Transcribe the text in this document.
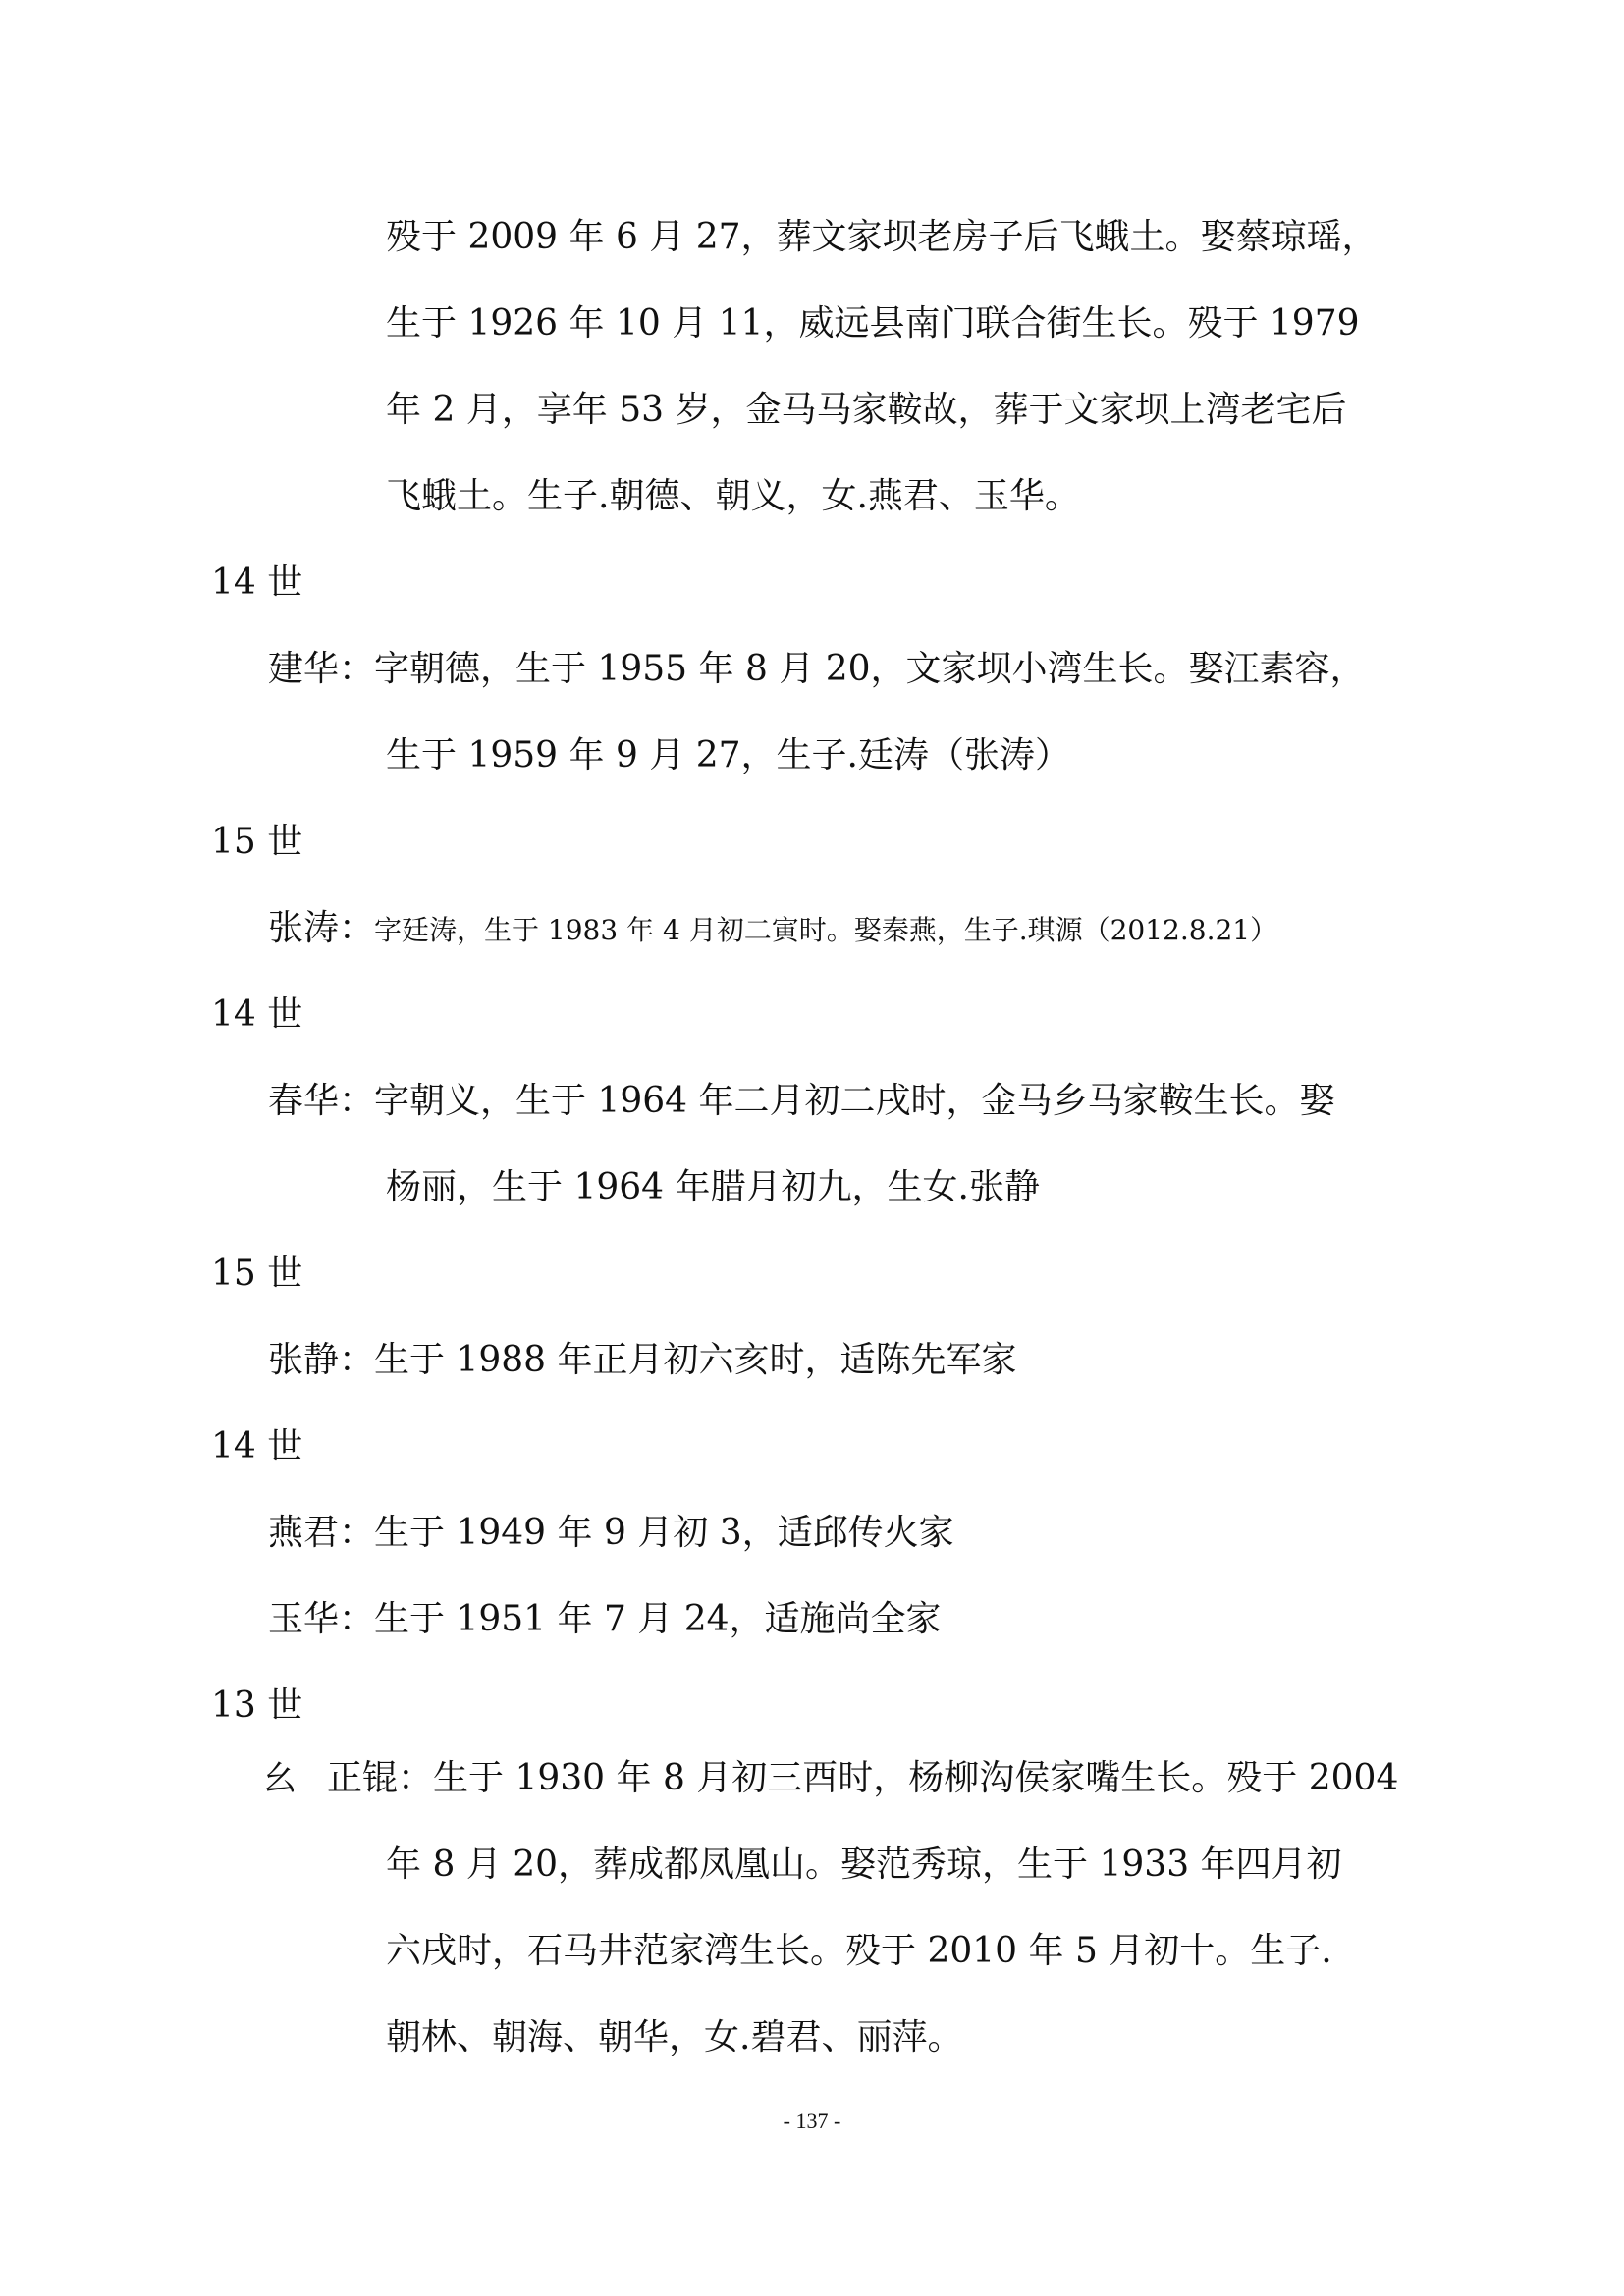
殁于 2009 年 6 月 27，葬文家坝老房子后飞蛾土。娶蔡琼瑶，
生于 1926 年 10 月 11，威远县南门联合街生长。殁于 1979
年 2 月，享年 53 岁，金马马家鞍故，葬于文家坝上湾老宅后
飞蛾土。生子.朝德、朝义，女.燕君、玉华。
14 世
建华：字朝德，生于 1955 年 8 月 20，文家坝小湾生长。娶汪素容，
生于 1959 年 9 月 27，生子.廷涛（张涛）
15 世
张涛：字廷涛，生于 1983 年 4 月初二寅时。娶秦燕，生子.琪源（2012.8.21）
14 世
春华：字朝义，生于 1964 年二月初二戌时，金马乡马家鞍生长。娶
杨丽，生于 1964 年腊月初九，生女.张静
15 世
张静：生于 1988 年正月初六亥时，适陈先军家
14 世
燕君：生于 1949 年 9 月初 3，适邱传火家
玉华：生于 1951 年 7 月 24，适施尚全家
13 世
幺 正锟：生于 1930 年 8 月初三酉时，杨柳沟侯家嘴生长。殁于 2004
年 8 月 20，葬成都凤凰山。娶范秀琼，生于 1933 年四月初
六戌时，石马井范家湾生长。殁于 2010 年 5 月初十。生子.
朝林、朝海、朝华，女.碧君、丽萍。
- 137 -
